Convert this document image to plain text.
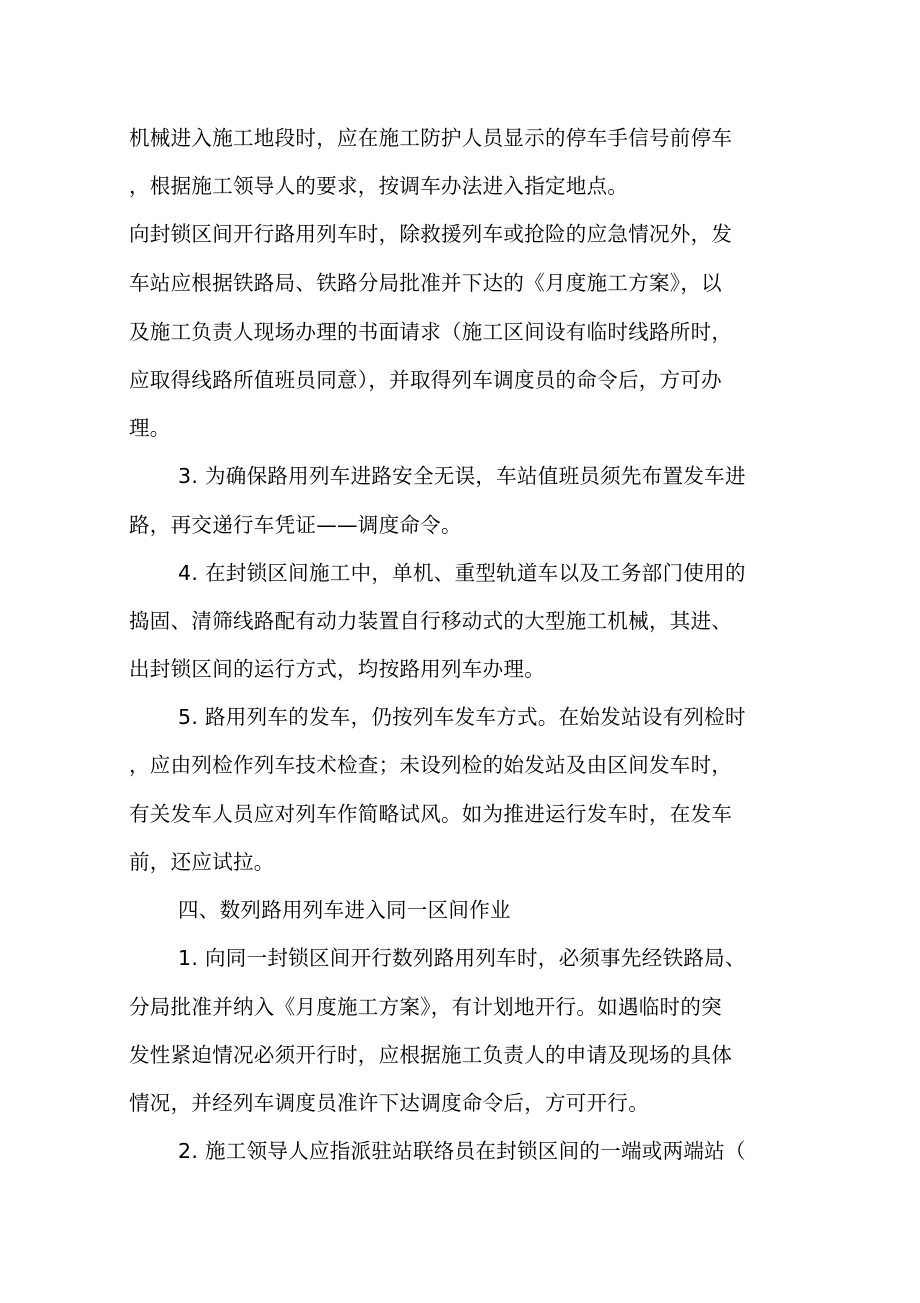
机械进入施工地段时，应在施工防护人员显示的停车手信号前停车
，根据施工领导人的要求，按调车办法进入指定地点。
向封锁区间开行路用列车时，除救援列车或抢险的应急情况外，发
车站应根据铁路局、铁路分局批准并下达的《月度施工方案》，以
及施工负责人现场办理的书面请求（施工区间设有临时线路所时，
应取得线路所值班员同意），并取得列车调度员的命令后，方可办
理。
3. 为确保路用列车进路安全无误，车站值班员须先布置发车进
路，再交递行车凭证——调度命令。
4. 在封锁区间施工中，单机、重型轨道车以及工务部门使用的
捣固、清筛线路配有动力装置自行移动式的大型施工机械，其进、
出封锁区间的运行方式，均按路用列车办理。
5. 路用列车的发车，仍按列车发车方式。在始发站设有列检时
，应由列检作列车技术检查；未设列检的始发站及由区间发车时，
有关发车人员应对列车作简略试风。如为推进运行发车时，在发车
前，还应试拉。
四、数列路用列车进入同一区间作业
1. 向同一封锁区间开行数列路用列车时，必须事先经铁路局、
分局批准并纳入《月度施工方案》，有计划地开行。如遇临时的突
发性紧迫情况必须开行时，应根据施工负责人的申请及现场的具体
情况，并经列车调度员准许下达调度命令后，方可开行。
2. 施工领导人应指派驻站联络员在封锁区间的一端或两端站（
